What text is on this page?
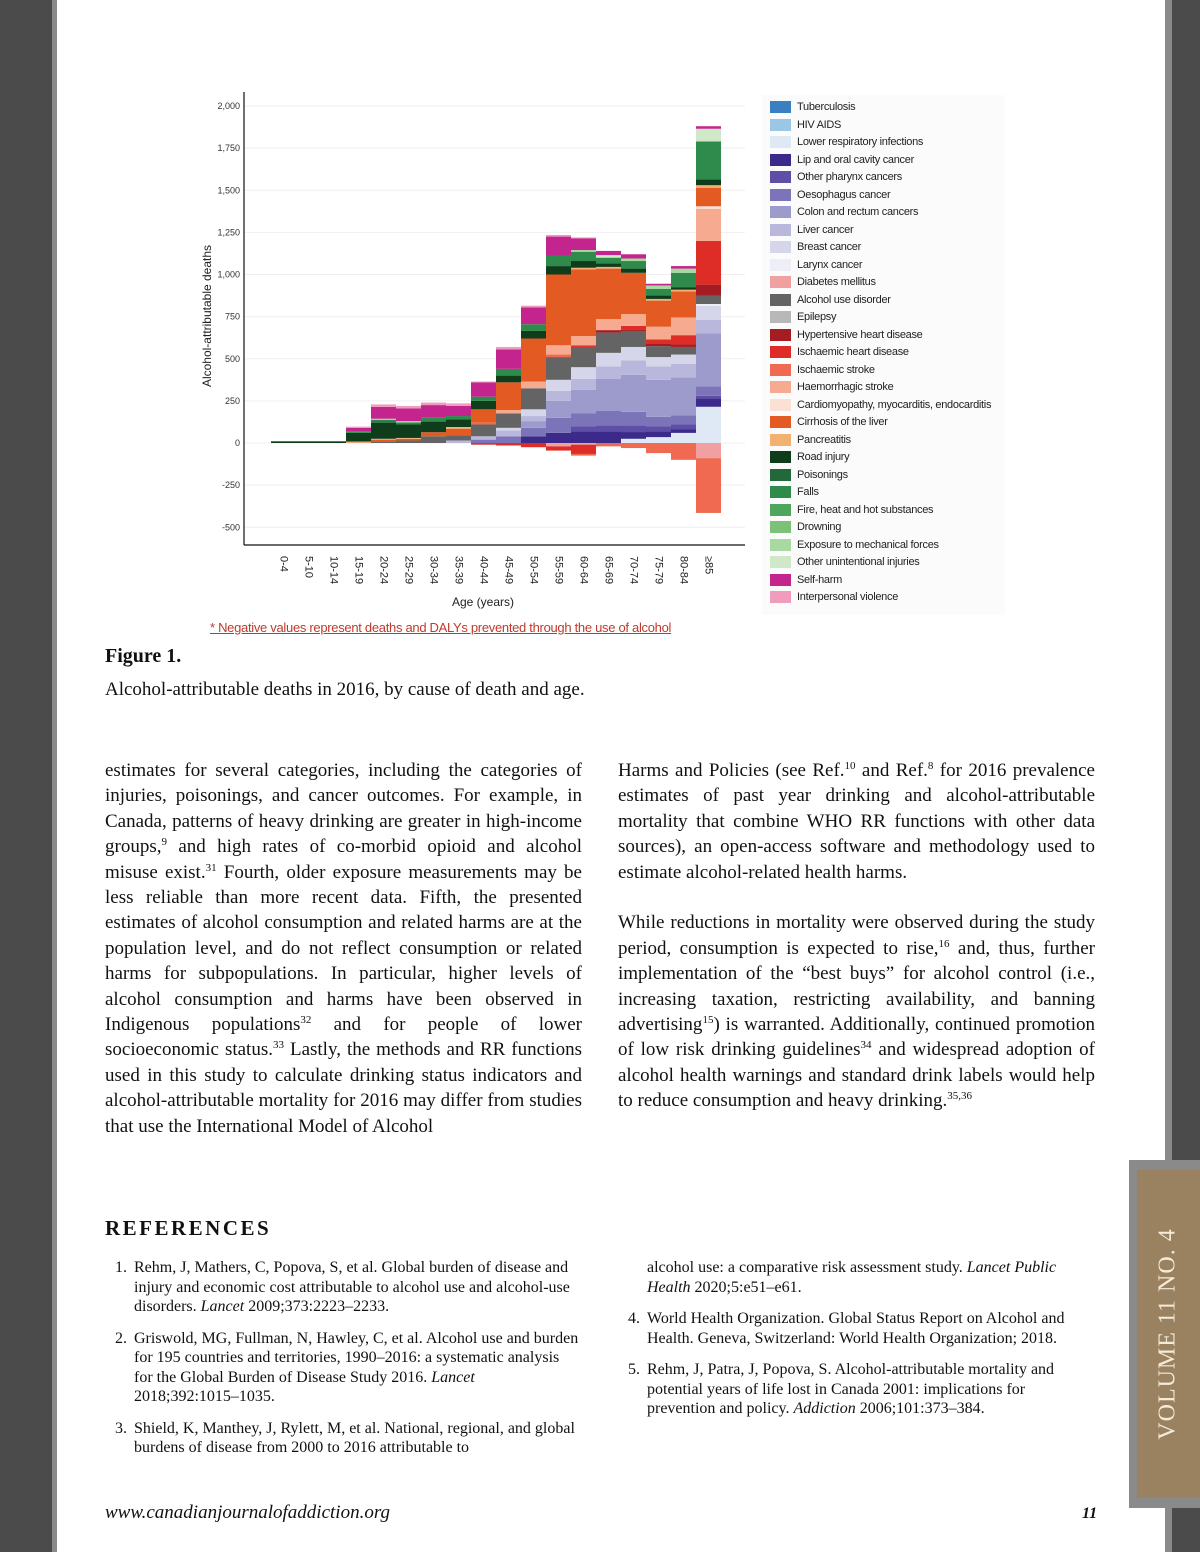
2,000
1,750
1,500
1,250
1,000
750
500
250
0
-250
-500
0-4 5-10 10-14 15-19 20-24 25-29 30-34 35-39 40-44 45-49 50-54 55-59 60-64 65-69 70-74 75-79 80-84 ≥85
Age (years)
Alcohol-attributable deaths
Tuberculosis
HIV AIDS
Lower respiratory infections
Lip and oral cavity cancer
Other pharynx cancers
Oesophagus cancer
Colon and rectum cancers
Liver cancer
Breast cancer
Larynx cancer
Diabetes mellitus
Alcohol use disorder
Epilepsy
Hypertensive heart disease
Ischaemic heart disease
Ischaemic stroke
Haemorrhagic stroke
Cardiomyopathy, myocarditis, endocarditis
Cirrhosis of the liver
Pancreatitis
Road injury
Poisonings
Falls
Fire, heat and hot substances
Drowning
Exposure to mechanical forces
Other unintentional injuries
Self-harm
Interpersonal violence
* Negative values represent deaths and DALYs prevented through the use of alcohol
Figure 1.
Alcohol-attributable deaths in 2016, by cause of death and age.

estimates for several categories, including the categories of injuries, poisonings, and cancer outcomes. For example, in Canada, patterns of heavy drinking are greater in high-income groups,$^9$ and high rates of co-morbid opioid and alcohol misuse exist.$^{31}$ Fourth, older exposure measurements may be less reliable than more recent data. Fifth, the presented estimates of alcohol consumption and related harms are at the population level, and do not reflect consumption or related harms for subpopulations. In particular, higher levels of alcohol consumption and harms have been observed in Indigenous populations$^{32}$ and for people of lower socioeconomic status.$^{33}$ Lastly, the methods and RR functions used in this study to calculate drinking status indicators and alcohol-attributable mortality for 2016 may differ from studies that use the International Model of Alcohol

Harms and Policies (see Ref.$^{10}$ and Ref.$^8$ for 2016 prevalence estimates of past year drinking and alcohol-attributable mortality that combine WHO RR functions with other data sources), an open-access software and methodology used to estimate alcohol-related health harms.

While reductions in mortality were observed during the study period, consumption is expected to rise,$^{16}$ and, thus, further implementation of the “best buys” for alcohol control (i.e., increasing taxation, restricting availability, and banning advertising$^{15}$) is warranted. Additionally, continued promotion of low risk drinking guidelines$^{34}$ and widespread adoption of alcohol health warnings and standard drink labels would help to reduce consumption and heavy drinking.$^{35,36}$

REFERENCES
1. Rehm, J, Mathers, C, Popova, S, et al. Global burden of disease and injury and economic cost attributable to alcohol use and alcohol-use disorders. Lancet 2009;373:2223–2233.
2. Griswold, MG, Fullman, N, Hawley, C, et al. Alcohol use and burden for 195 countries and territories, 1990–2016: a systematic analysis for the Global Burden of Disease Study 2016. Lancet 2018;392:1015–1035.
3. Shield, K, Manthey, J, Rylett, M, et al. National, regional, and global burdens of disease from 2000 to 2016 attributable to
alcohol use: a comparative risk assessment study. Lancet Public Health 2020;5:e51–e61.
4. World Health Organization. Global Status Report on Alcohol and Health. Geneva, Switzerland: World Health Organization; 2018.
5. Rehm, J, Patra, J, Popova, S. Alcohol-attributable mortality and potential years of life lost in Canada 2001: implications for prevention and policy. Addiction 2006;101:373–384.
www.canadianjournalofaddiction.org	11
VOLUME 11 NO. 4
